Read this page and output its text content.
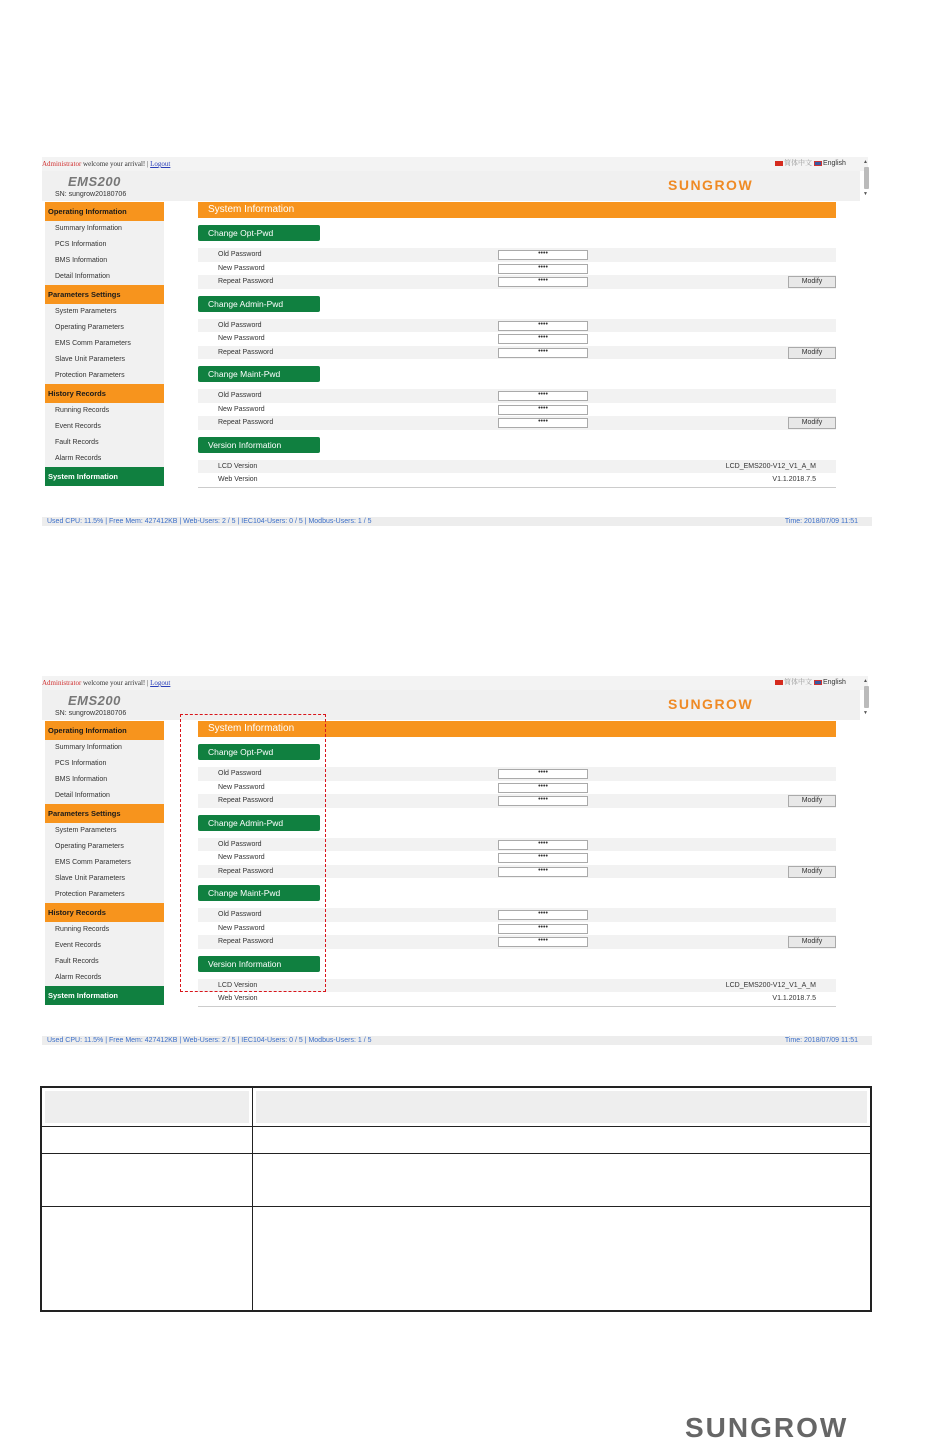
Administrator welcome your arrival! | Logout	简体中文 English	▲
▼
EMS200
SN: sungrow20180706
SUNGROW
Operating Information
Summary Information
PCS Information
BMS Information
Detail Information
Parameters Settings
System Parameters
Operating Parameters
EMS Comm Parameters
Slave Unit Parameters
Protection Parameters
History Records
Running Records
Event Records
Fault Records
Alarm Records
System Information
System Information
Change Opt-Pwd
Old Password	••••
New Password	••••
Repeat Password	••••	Modify
Change Admin-Pwd
Old Password	••••
New Password	••••
Repeat Password	••••	Modify
Change Maint-Pwd
Old Password	••••
New Password	••••
Repeat Password	••••	Modify
Version Information
LCD Version	LCD_EMS200-V12_V1_A_M
Web Version	V1.1.2018.7.5
Used CPU: 11.5% | Free Mem: 427412KB | Web-Users: 2 / 5 | IEC104-Users: 0 / 5 | Modbus-Users: 1 / 5	Time: 2018/07/09 11:51
Administrator welcome your arrival! | Logout	简体中文 English	▲
▼
EMS200
SN: sungrow20180706
SUNGROW
Operating Information
Summary Information
PCS Information
BMS Information
Detail Information
Parameters Settings
System Parameters
Operating Parameters
EMS Comm Parameters
Slave Unit Parameters
Protection Parameters
History Records
Running Records
Event Records
Fault Records
Alarm Records
System Information
System Information
Change Opt-Pwd
Old Password	••••
New Password	••••
Repeat Password	••••	Modify
Change Admin-Pwd
Old Password	••••
New Password	••••
Repeat Password	••••	Modify
Change Maint-Pwd
Old Password	••••
New Password	••••
Repeat Password	••••	Modify
Version Information
LCD Version	LCD_EMS200-V12_V1_A_M
Web Version	V1.1.2018.7.5
Used CPU: 11.5% | Free Mem: 427412KB | Web-Users: 2 / 5 | IEC104-Users: 0 / 5 | Modbus-Users: 1 / 5	Time: 2018/07/09 11:51

SUNGROW
